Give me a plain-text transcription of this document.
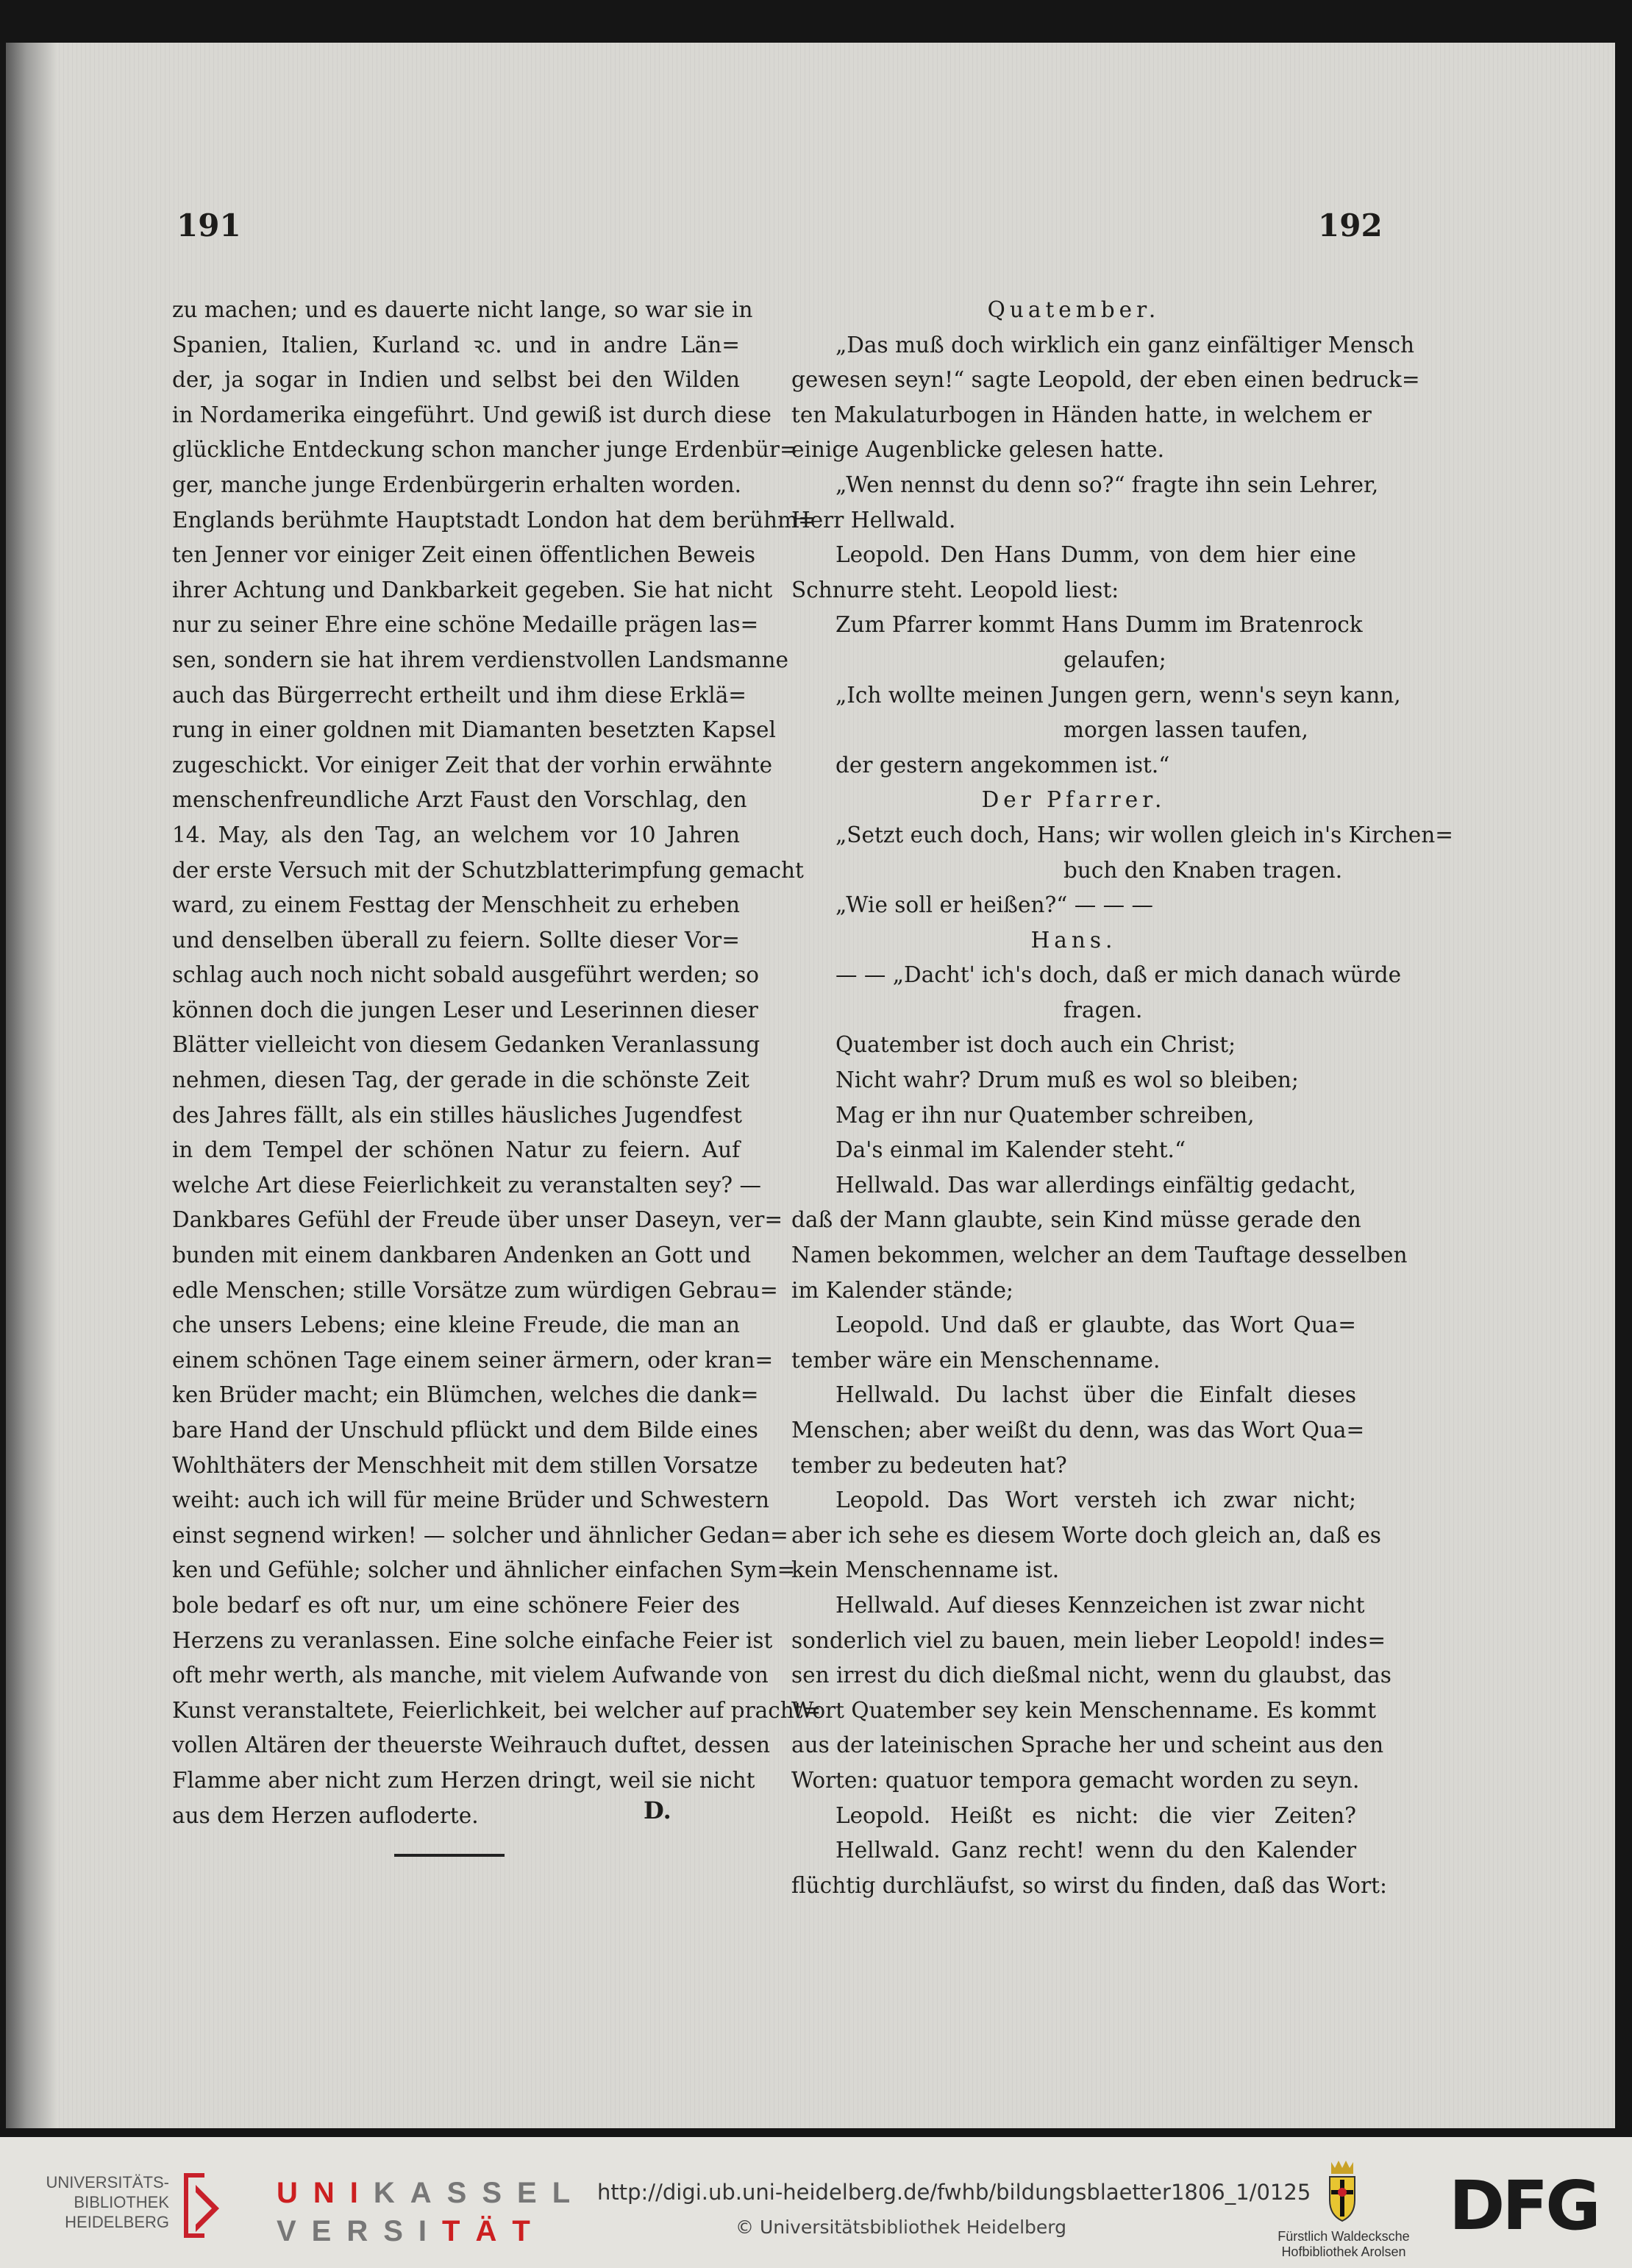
191	192
zu machen; und es dauerte nicht lange, so war sie in
Spanien, Italien, Kurland ꝛc. und in andre Län=
der, ja sogar in Indien und selbst bei den Wilden
in Nordamerika eingeführt. Und gewiß ist durch diese
glückliche Entdeckung schon mancher junge Erdenbür=
ger, manche junge Erdenbürgerin erhalten worden.
Englands berühmte Hauptstadt London hat dem berühm=
ten Jenner vor einiger Zeit einen öffentlichen Beweis
ihrer Achtung und Dankbarkeit gegeben. Sie hat nicht
nur zu seiner Ehre eine schöne Medaille prägen las=
sen, sondern sie hat ihrem verdienstvollen Landsmanne
auch das Bürgerrecht ertheilt und ihm diese Erklä=
rung in einer goldnen mit Diamanten besetzten Kapsel
zugeschickt. Vor einiger Zeit that der vorhin erwähnte
menschenfreundliche Arzt Faust den Vorschlag, den
14. May, als den Tag, an welchem vor 10 Jahren
der erste Versuch mit der Schutzblatterimpfung gemacht
ward, zu einem Festtag der Menschheit zu erheben
und denselben überall zu feiern. Sollte dieser Vor=
schlag auch noch nicht sobald ausgeführt werden; so
können doch die jungen Leser und Leserinnen dieser
Blätter vielleicht von diesem Gedanken Veranlassung
nehmen, diesen Tag, der gerade in die schönste Zeit
des Jahres fällt, als ein stilles häusliches Jugendfest
in dem Tempel der schönen Natur zu feiern. Auf
welche Art diese Feierlichkeit zu veranstalten sey? —
Dankbares Gefühl der Freude über unser Daseyn, ver=
bunden mit einem dankbaren Andenken an Gott und
edle Menschen; stille Vorsätze zum würdigen Gebrau=
che unsers Lebens; eine kleine Freude, die man an
einem schönen Tage einem seiner ärmern, oder kran=
ken Brüder macht; ein Blümchen, welches die dank=
bare Hand der Unschuld pflückt und dem Bilde eines
Wohlthäters der Menschheit mit dem stillen Vorsatze
weiht: auch ich will für meine Brüder und Schwestern
einst segnend wirken! — solcher und ähnlicher Gedan=
ken und Gefühle; solcher und ähnlicher einfachen Sym=
bole bedarf es oft nur, um eine schönere Feier des
Herzens zu veranlassen. Eine solche einfache Feier ist
oft mehr werth, als manche, mit vielem Aufwande von
Kunst veranstaltete, Feierlichkeit, bei welcher auf pracht=
vollen Altären der theuerste Weihrauch duftet, dessen
Flamme aber nicht zum Herzen dringt, weil sie nicht
aus dem Herzen aufloderte.
Quatember.
„Das muß doch wirklich ein ganz einfältiger Mensch
gewesen seyn!“ sagte Leopold, der eben einen bedruck=
ten Makulaturbogen in Händen hatte, in welchem er
einige Augenblicke gelesen hatte.
„Wen nennst du denn so?“ fragte ihn sein Lehrer,
Herr Hellwald.
Leopold. Den Hans Dumm, von dem hier eine
Schnurre steht. Leopold liest:
Zum Pfarrer kommt Hans Dumm im Bratenrock
gelaufen;
„Ich wollte meinen Jungen gern, wenn's seyn kann,
morgen lassen taufen,
der gestern angekommen ist.“
Der Pfarrer.
„Setzt euch doch, Hans; wir wollen gleich in's Kirchen=
buch den Knaben tragen.
„Wie soll er heißen?“ — — —
Hans.
— — „Dacht' ich's doch, daß er mich danach würde
fragen.
Quatember ist doch auch ein Christ;
Nicht wahr? Drum muß es wol so bleiben;
Mag er ihn nur Quatember schreiben,
Da's einmal im Kalender steht.“
Hellwald. Das war allerdings einfältig gedacht,
daß der Mann glaubte, sein Kind müsse gerade den
Namen bekommen, welcher an dem Tauftage desselben
im Kalender stände;
Leopold. Und daß er glaubte, das Wort Qua=
tember wäre ein Menschenname.
Hellwald. Du lachst über die Einfalt dieses
Menschen; aber weißt du denn, was das Wort Qua=
tember zu bedeuten hat?
Leopold. Das Wort versteh ich zwar nicht;
aber ich sehe es diesem Worte doch gleich an, daß es
kein Menschenname ist.
Hellwald. Auf dieses Kennzeichen ist zwar nicht
sonderlich viel zu bauen, mein lieber Leopold! indes=
sen irrest du dich dießmal nicht, wenn du glaubst, das
Wort Quatember sey kein Menschenname. Es kommt
aus der lateinischen Sprache her und scheint aus den
Worten: quatuor tempora gemacht worden zu seyn.
Leopold. Heißt es nicht: die vier Zeiten?
Hellwald. Ganz recht! wenn du den Kalender
flüchtig durchläufst, so wirst du finden, daß das Wort:
D.
UNIVERSITÄTS-
BIBLIOTHEK
HEIDELBERG
UNIKASSEL
VERSITÄT
http://digi.ub.uni-heidelberg.de/fwhb/bildungsblaetter1806_1/0125
© Universitätsbibliothek Heidelberg	Fürstlich Waldecksche
Hofbibliothek Arolsen
DFG
